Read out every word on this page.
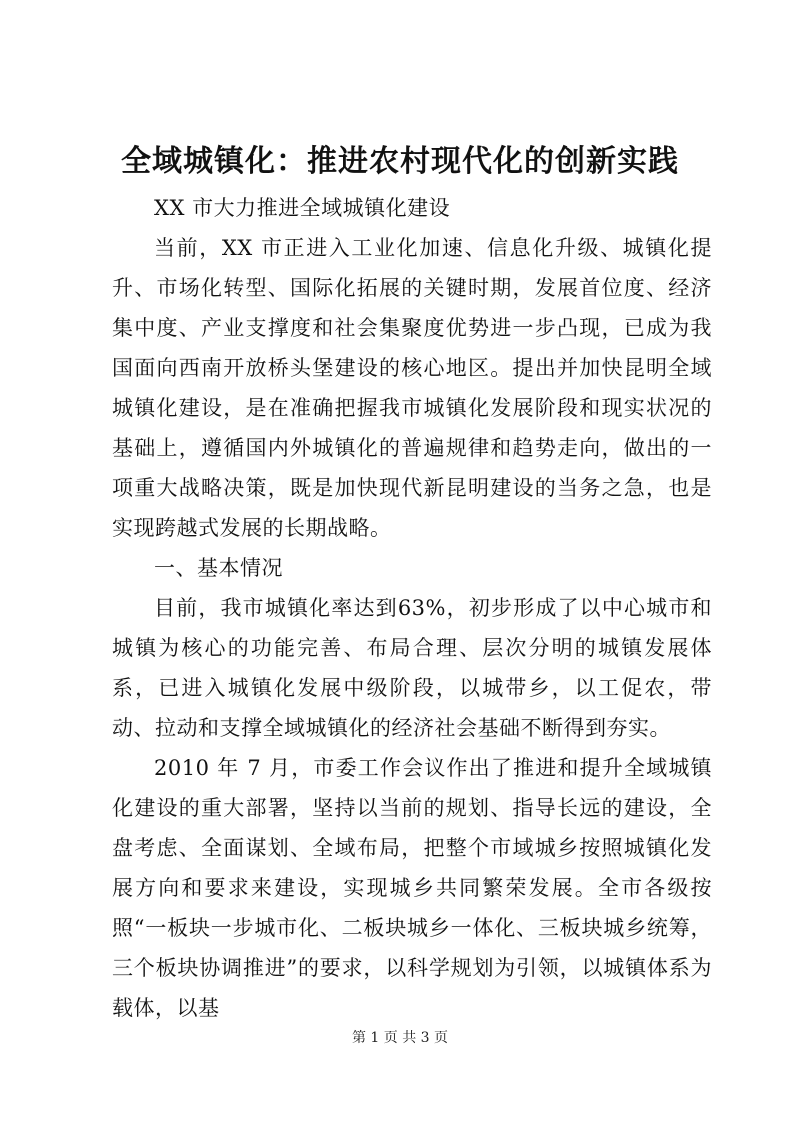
全域城镇化：推进农村现代化的创新实践

XX 市大力推进全域城镇化建设

当前，XX 市正进入工业化加速、信息化升级、城镇化提升、市场化转型、国际化拓展的关键时期，发展首位度、经济集中度、产业支撑度和社会集聚度优势进一步凸现，已成为我国面向西南开放桥头堡建设的核心地区。提出并加快昆明全域城镇化建设，是在准确把握我市城镇化发展阶段和现实状况的基础上，遵循国内外城镇化的普遍规律和趋势走向，做出的一项重大战略决策，既是加快现代新昆明建设的当务之急，也是实现跨越式发展的长期战略。

一、基本情况

目前，我市城镇化率达到63%，初步形成了以中心城市和城镇为核心的功能完善、布局合理、层次分明的城镇发展体系，已进入城镇化发展中级阶段，以城带乡，以工促农，带动、拉动和支撑全域城镇化的经济社会基础不断得到夯实。

2010 年 7 月，市委工作会议作出了推进和提升全域城镇化建设的重大部署，坚持以当前的规划、指导长远的建设，全盘考虑、全面谋划、全域布局，把整个市域城乡按照城镇化发展方向和要求来建设，实现城乡共同繁荣发展。全市各级按照“一板块一步城市化、二板块城乡一体化、三板块城乡统筹，三个板块协调推进”的要求，以科学规划为引领，以城镇体系为载体，以基

第 1 页 共 3 页
